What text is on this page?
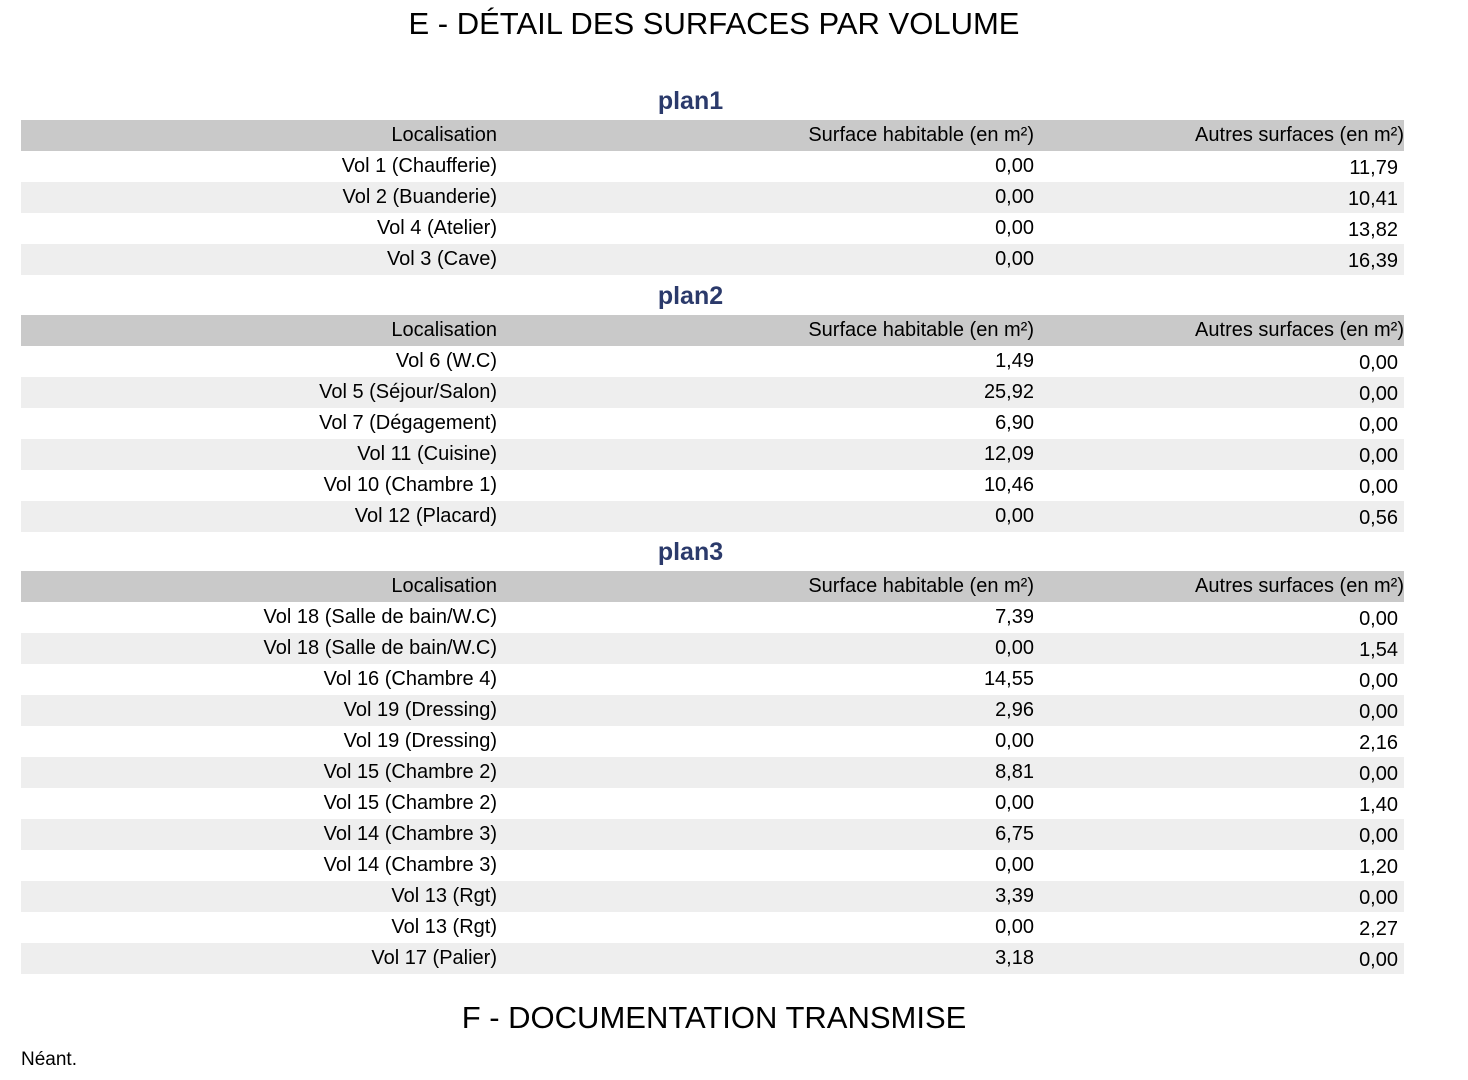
E - DÉTAIL DES SURFACES PAR VOLUME
plan1
Localisation	Surface habitable (en m²)	Autres surfaces (en m²)
Vol 1 (Chaufferie)	0,00	11,79
Vol 2 (Buanderie)	0,00	10,41
Vol 4 (Atelier)	0,00	13,82
Vol 3 (Cave)	0,00	16,39
plan2
Localisation	Surface habitable (en m²)	Autres surfaces (en m²)
Vol 6 (W.C)	1,49	0,00
Vol 5 (Séjour/Salon)	25,92	0,00
Vol 7 (Dégagement)	6,90	0,00
Vol 11 (Cuisine)	12,09	0,00
Vol 10 (Chambre 1)	10,46	0,00
Vol 12 (Placard)	0,00	0,56
plan3
Localisation	Surface habitable (en m²)	Autres surfaces (en m²)
Vol 18 (Salle de bain/W.C)	7,39	0,00
Vol 18 (Salle de bain/W.C)	0,00	1,54
Vol 16 (Chambre 4)	14,55	0,00
Vol 19 (Dressing)	2,96	0,00
Vol 19 (Dressing)	0,00	2,16
Vol 15 (Chambre 2)	8,81	0,00
Vol 15 (Chambre 2)	0,00	1,40
Vol 14 (Chambre 3)	6,75	0,00
Vol 14 (Chambre 3)	0,00	1,20
Vol 13 (Rgt)	3,39	0,00
Vol 13 (Rgt)	0,00	2,27
Vol 17 (Palier)	3,18	0,00
F - DOCUMENTATION TRANSMISE

Néant.
